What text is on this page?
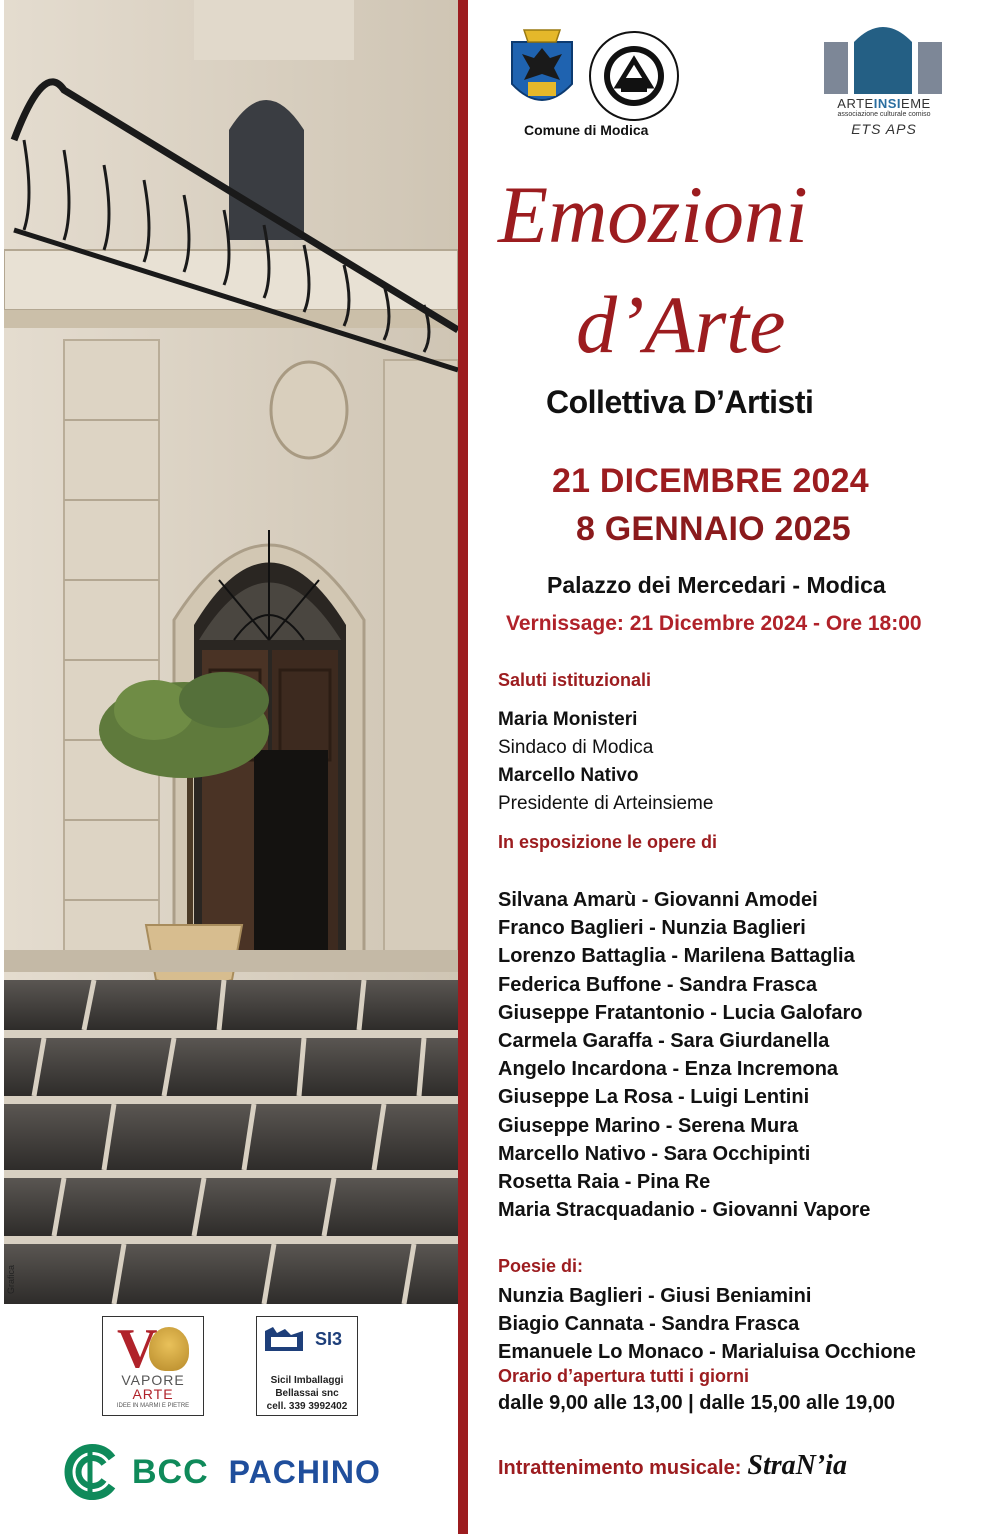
Grafica
V
VAPORE
ARTE
IDEE IN MARMI E PIETRE
SI3
Sicil Imballaggi
Bellassai snc
cell. 339 3992402
BCC PACHINO
Comune di Modica
ARTEINSIEME
associazione culturale comiso
ETS APS
Emozioni
d’Arte
Collettiva D’Artisti
21 DICEMBRE 2024
8 GENNAIO 2025
Palazzo dei Mercedari - Modica
Vernissage: 21 Dicembre 2024 - Ore 18:00
Saluti istituzionali
Maria Monisteri
Sindaco di Modica
Marcello Nativo
Presidente di Arteinsieme
In esposizione le opere di
Silvana Amarù - Giovanni Amodei
Franco Baglieri - Nunzia Baglieri
Lorenzo Battaglia - Marilena Battaglia
Federica Buffone - Sandra Frasca
Giuseppe Fratantonio - Lucia Galofaro
Carmela Garaffa - Sara Giurdanella
Angelo Incardona - Enza Incremona
Giuseppe La Rosa - Luigi Lentini
Giuseppe Marino - Serena Mura
Marcello Nativo - Sara Occhipinti
Rosetta Raia - Pina Re
Maria Stracquadanio - Giovanni Vapore
Poesie di:
Nunzia Baglieri - Giusi Beniamini
Biagio Cannata - Sandra Frasca
Emanuele Lo Monaco - Marialuisa Occhione
Orario d’apertura tutti i giorni
dalle 9,00 alle 13,00 | dalle 15,00 alle 19,00
Intrattenimento musicale: StraN’ia
